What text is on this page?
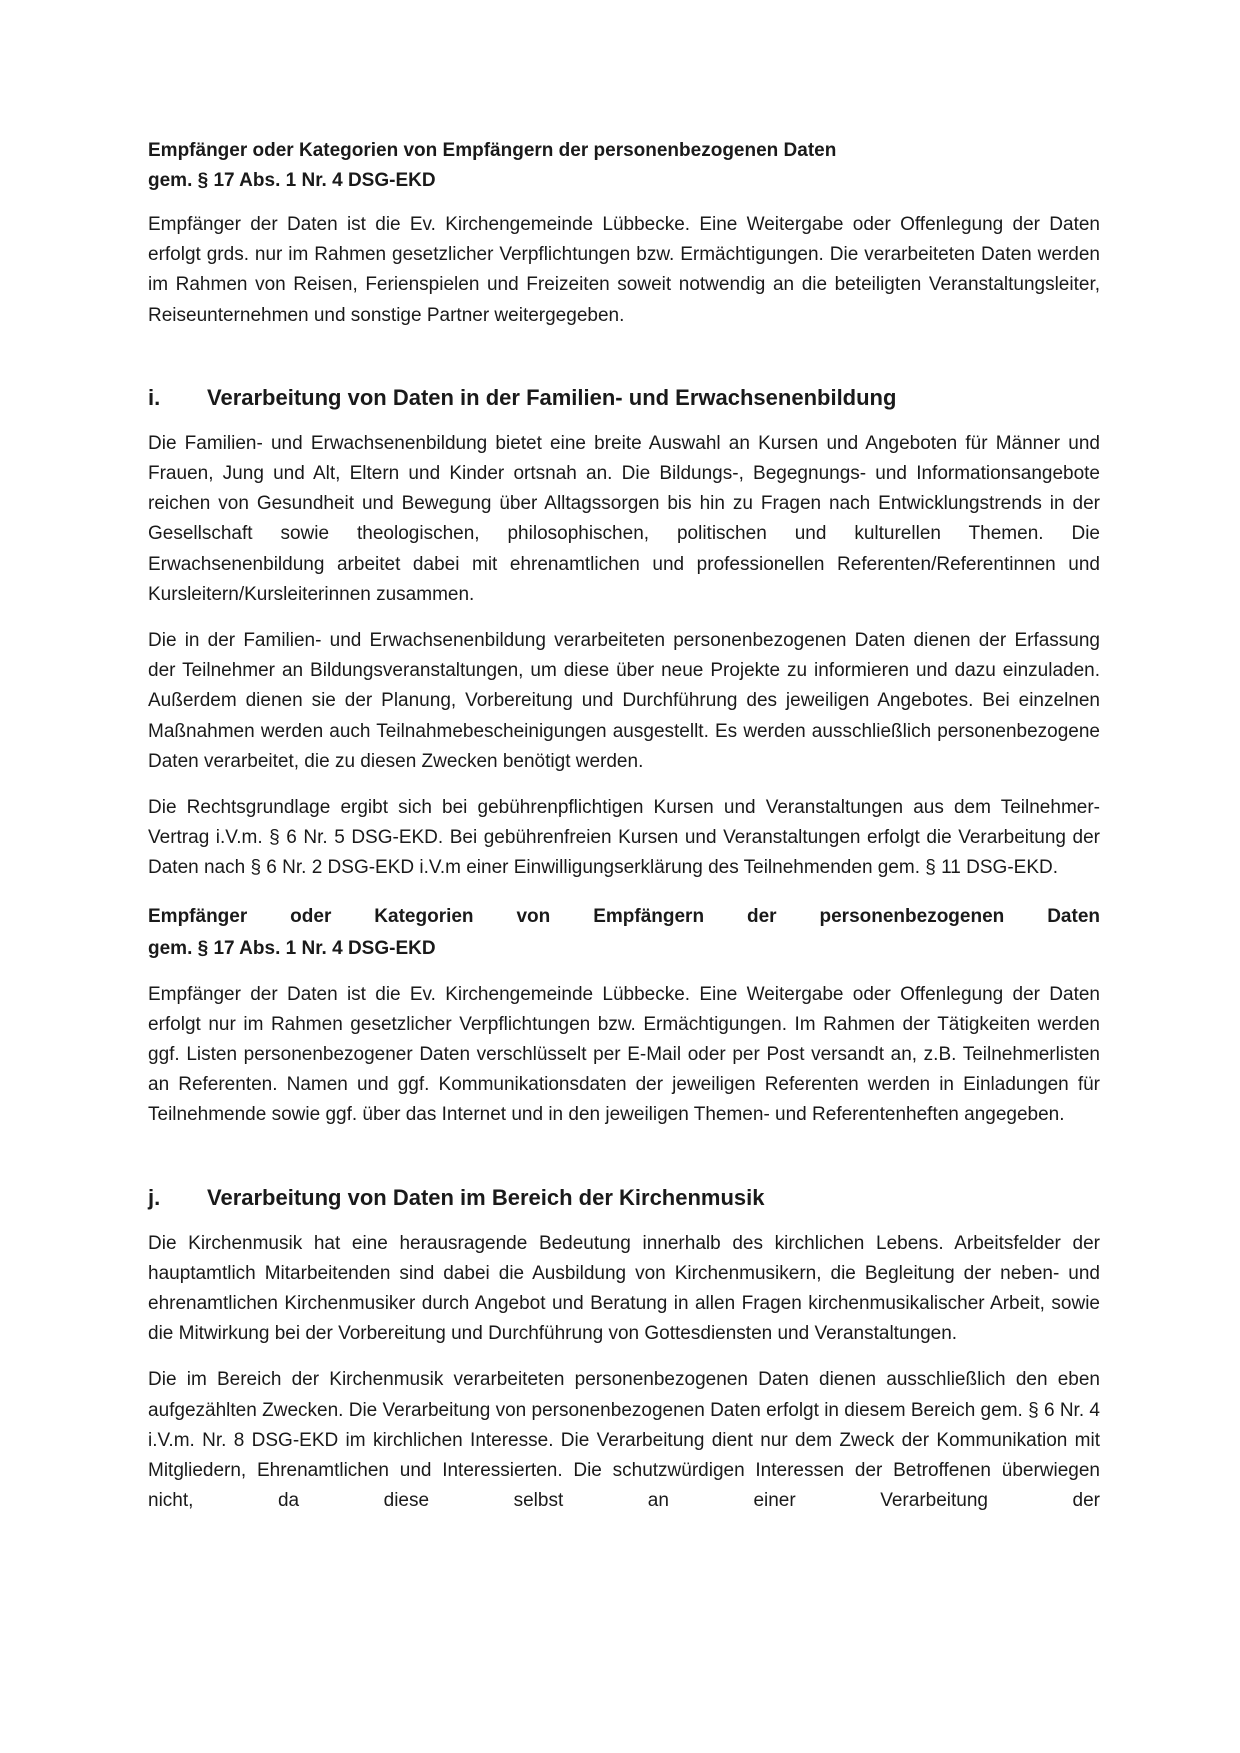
Empfänger oder Kategorien von Empfängern der personenbezogenen Daten
gem. § 17 Abs. 1 Nr. 4 DSG-EKD

Empfänger der Daten ist die Ev. Kirchengemeinde Lübbecke. Eine Weitergabe oder Offenlegung der Daten erfolgt grds. nur im Rahmen gesetzlicher Verpflichtungen bzw. Ermächtigungen. Die verarbeiteten Daten werden im Rahmen von Reisen, Ferienspielen und Freizeiten soweit notwendig an die beteiligten Veranstaltungsleiter, Reiseunternehmen und sonstige Partner weitergegeben.

i.	Verarbeitung von Daten in der Familien- und Erwachsenenbildung

Die Familien- und Erwachsenenbildung bietet eine breite Auswahl an Kursen und Angeboten für Männer und Frauen, Jung und Alt, Eltern und Kinder ortsnah an. Die Bildungs-, Begegnungs- und Informationsangebote reichen von Gesundheit und Bewegung über Alltagssorgen bis hin zu Fragen nach Entwicklungstrends in der Gesellschaft sowie theologischen, philosophischen, politischen und kulturellen Themen. Die Erwachsenenbildung arbeitet dabei mit ehrenamtlichen und professionellen Referenten/Referentinnen und Kursleitern/Kursleiterinnen zusammen.

Die in der Familien- und Erwachsenenbildung verarbeiteten personenbezogenen Daten dienen der Erfassung der Teilnehmer an Bildungsveranstaltungen, um diese über neue Projekte zu informieren und dazu einzuladen. Außerdem dienen sie der Planung, Vorbereitung und Durchführung des jeweiligen Angebotes. Bei einzelnen Maßnahmen werden auch Teilnahmebescheinigungen ausgestellt. Es werden ausschließlich personenbezogene Daten verarbeitet, die zu diesen Zwecken benötigt werden.

Die Rechtsgrundlage ergibt sich bei gebührenpflichtigen Kursen und Veranstaltungen aus dem Teilnehmer-Vertrag i.V.m. § 6 Nr. 5 DSG-EKD. Bei gebührenfreien Kursen und Veranstaltungen erfolgt die Verarbeitung der Daten nach § 6 Nr. 2 DSG-EKD i.V.m einer Einwilligungserklärung des Teilnehmenden gem. § 11 DSG-EKD.

Empfänger oder Kategorien von Empfängern der personenbezogenen Daten
gem. § 17 Abs. 1 Nr. 4 DSG-EKD

Empfänger der Daten ist die Ev. Kirchengemeinde Lübbecke. Eine Weitergabe oder Offenlegung der Daten erfolgt nur im Rahmen gesetzlicher Verpflichtungen bzw. Ermächtigungen. Im Rahmen der Tätigkeiten werden ggf. Listen personenbezogener Daten verschlüsselt per E-Mail oder per Post versandt an, z.B. Teilnehmerlisten an Referenten. Namen und ggf. Kommunikationsdaten der jeweiligen Referenten werden in Einladungen für Teilnehmende sowie ggf. über das Internet und in den jeweiligen Themen- und Referentenheften angegeben.

j.	Verarbeitung von Daten im Bereich der Kirchenmusik

Die Kirchenmusik hat eine herausragende Bedeutung innerhalb des kirchlichen Lebens. Arbeitsfelder der hauptamtlich Mitarbeitenden sind dabei die Ausbildung von Kirchenmusikern, die Begleitung der neben- und ehrenamtlichen Kirchenmusiker durch Angebot und Beratung in allen Fragen kirchenmusikalischer Arbeit, sowie die Mitwirkung bei der Vorbereitung und Durchführung von Gottesdiensten und Veranstaltungen.

Die im Bereich der Kirchenmusik verarbeiteten personenbezogenen Daten dienen ausschließlich den eben aufgezählten Zwecken. Die Verarbeitung von personenbezogenen Daten erfolgt in diesem Bereich gem. § 6 Nr. 4 i.V.m. Nr. 8 DSG-EKD im kirchlichen Interesse. Die Verarbeitung dient nur dem Zweck der Kommunikation mit Mitgliedern, Ehrenamtlichen und Interessierten. Die schutzwürdigen Interessen der Betroffenen überwiegen nicht, da diese selbst an einer Verarbeitung der
